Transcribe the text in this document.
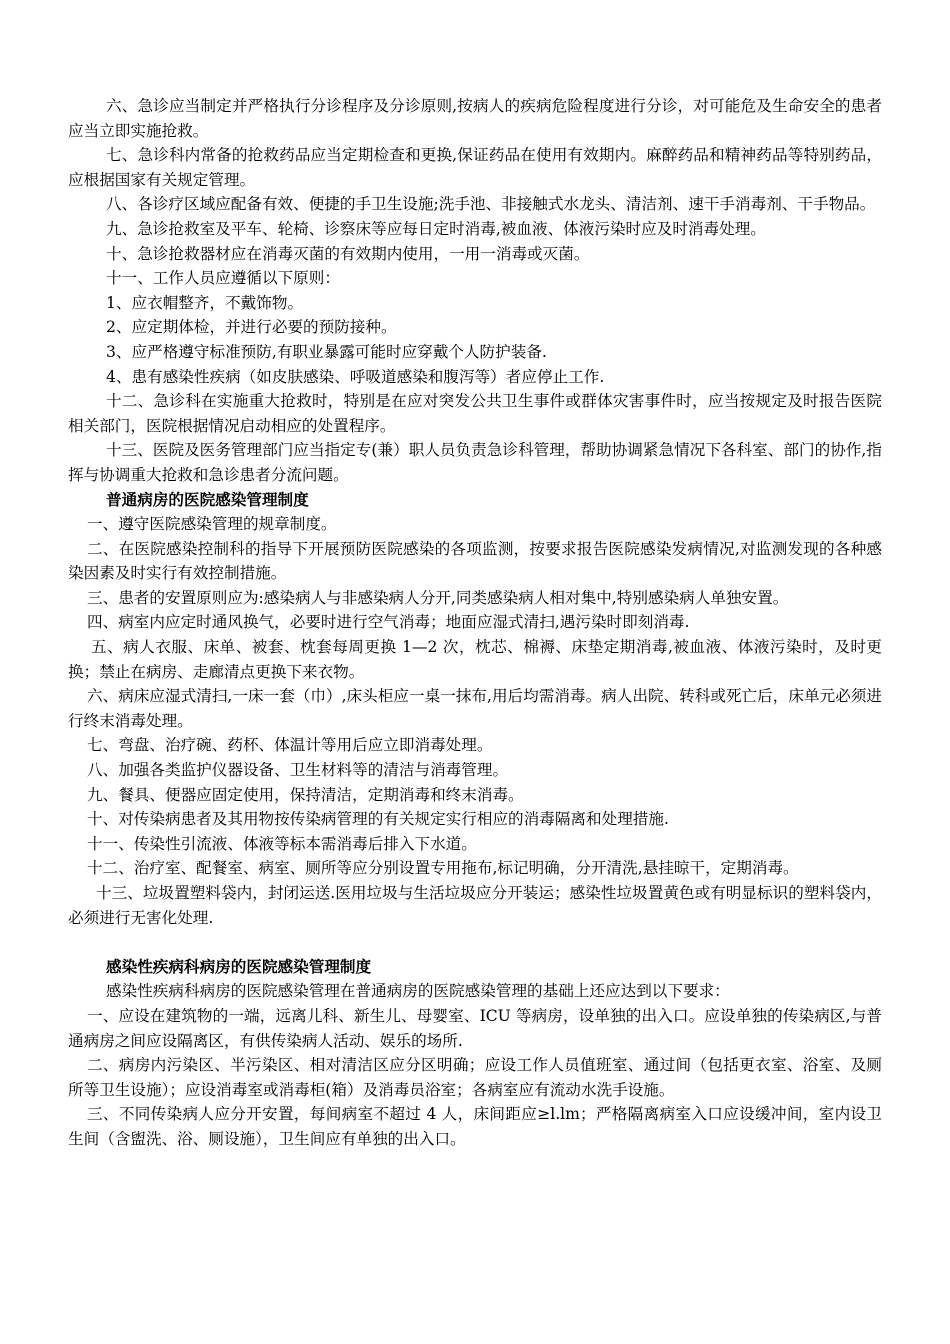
六、急诊应当制定并严格执行分诊程序及分诊原则,按病人的疾病危险程度进行分诊，对可能危及生命安全的患者应当立即实施抢救。

七、急诊科内常备的抢救药品应当定期检查和更换,保证药品在使用有效期内。麻醉药品和精神药品等特别药品，应根据国家有关规定管理。

八、各诊疗区域应配备有效、便捷的手卫生设施;洗手池、非接触式水龙头、清洁剂、速干手消毒剂、干手物品。

九、急诊抢救室及平车、轮椅、诊察床等应每日定时消毒,被血液、体液污染时应及时消毒处理。

十、急诊抢救器材应在消毒灭菌的有效期内使用，一用一消毒或灭菌。

十一、工作人员应遵循以下原则：

1、应衣帽整齐，不戴饰物。

2、应定期体检，并进行必要的预防接种。

3、应严格遵守标准预防,有职业暴露可能时应穿戴个人防护装备.

4、患有感染性疾病（如皮肤感染、呼吸道感染和腹泻等）者应停止工作.

十二、急诊科在实施重大抢救时，特别是在应对突发公共卫生事件或群体灾害事件时，应当按规定及时报告医院相关部门，医院根据情况启动相应的处置程序。

十三、医院及医务管理部门应当指定专(兼）职人员负责急诊科管理，帮助协调紧急情况下各科室、部门的协作,指挥与协调重大抢救和急诊患者分流问题。

普通病房的医院感染管理制度

一、遵守医院感染管理的规章制度。

二、在医院感染控制科的指导下开展预防医院感染的各项监测，按要求报告医院感染发病情况,对监测发现的各种感染因素及时实行有效控制措施。

三、患者的安置原则应为:感染病人与非感染病人分开,同类感染病人相对集中,特别感染病人单独安置。

四、病室内应定时通风换气，必要时进行空气消毒；地面应湿式清扫,遇污染时即刻消毒.

五、病人衣服、床单、被套、枕套每周更换 1—2 次，枕芯、棉褥、床垫定期消毒,被血液、体液污染时，及时更换；禁止在病房、走廊清点更换下来衣物。

六、病床应湿式清扫,一床一套（巾）,床头柜应一桌一抹布,用后均需消毒。病人出院、转科或死亡后，床单元必须进行终末消毒处理。

七、弯盘、治疗碗、药杯、体温计等用后应立即消毒处理。

八、加强各类监护仪器设备、卫生材料等的清洁与消毒管理。

九、餐具、便器应固定使用，保持清洁，定期消毒和终末消毒。

十、对传染病患者及其用物按传染病管理的有关规定实行相应的消毒隔离和处理措施.

十一、传染性引流液、体液等标本需消毒后排入下水道。

十二、治疗室、配餐室、病室、厕所等应分别设置专用拖布,标记明确，分开清洗,悬挂晾干，定期消毒。

十三、垃圾置塑料袋内，封闭运送.医用垃圾与生活垃圾应分开装运；感染性垃圾置黄色或有明显标识的塑料袋内，必须进行无害化处理.

感染性疾病科病房的医院感染管理制度

感染性疾病科病房的医院感染管理在普通病房的医院感染管理的基础上还应达到以下要求：

一、应设在建筑物的一端，远离儿科、新生儿、母婴室、ICU 等病房，设单独的出入口。应设单独的传染病区,与普通病房之间应设隔离区，有供传染病人活动、娱乐的场所.

二、病房内污染区、半污染区、相对清洁区应分区明确；应设工作人员值班室、通过间（包括更衣室、浴室、及厕所等卫生设施）；应设消毒室或消毒柜(箱）及消毒员浴室；各病室应有流动水洗手设施。

三、不同传染病人应分开安置，每间病室不超过 4 人，床间距应≥l.lm；严格隔离病室入口应设缓冲间，室内设卫生间（含盥洗、浴、厕设施），卫生间应有单独的出入口。
